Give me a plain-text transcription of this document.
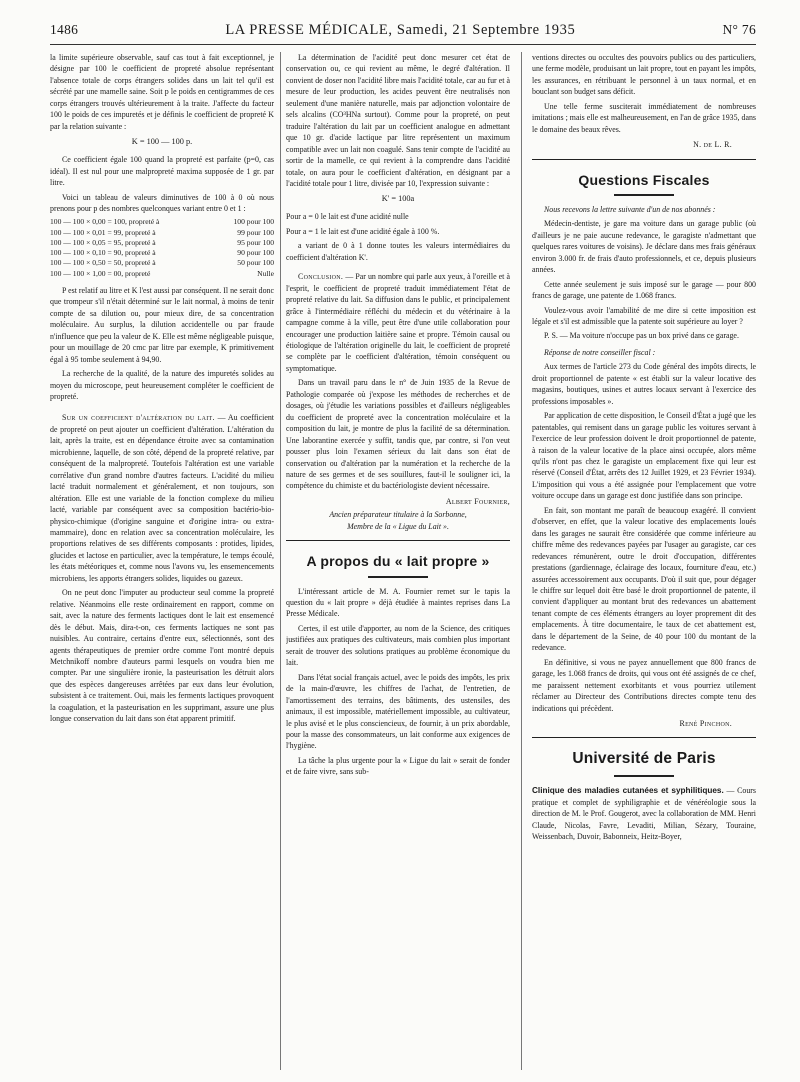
1486	LA PRESSE MÉDICALE, Samedi, 21 Septembre 1935	N° 76

la limite supérieure observable, sauf cas tout à fait exceptionnel, je désigne par 100 le coefficient de propreté absolue représentant l'absence totale de corps étrangers solides dans un lait tel qu'il est sécrété par une mamelle saine. Soit p le poids en centigrammes de ces corps étrangers trouvés ultérieurement à la traite. J'affecte du facteur 100 le poids de ces impuretés et je définis le coefficient de propreté K par la relation suivante :

K = 100 — 100 p.

Ce coefficient égale 100 quand la propreté est parfaite (p=0, cas idéal). Il est nul pour une malpropreté maxima supposée de 1 gr. par litre.

Voici un tableau de valeurs diminutives de 100 à 0 où nous prenons pour p des nombres quelconques variant entre 0 et 1 :

100 — 100 × 0,00 = 100, propreté à	100 pour 100
100 — 100 × 0,01 = 99, propreté à	99 pour 100
100 — 100 × 0,05 = 95, propreté à	95 pour 100
100 — 100 × 0,10 = 90, propreté à	90 pour 100
100 — 100 × 0,50 = 50, propreté à	50 pour 100
100 — 100 × 1,00 = 00, propreté	Nulle

P est relatif au litre et K l'est aussi par conséquent. Il ne serait donc que trompeur s'il n'était déterminé sur le lait normal, à moins de tenir compte de sa dilution ou, pour mieux dire, de sa concentration moléculaire. Au surplus, la dilution accidentelle ou par fraude n'influence que peu la valeur de K. Elle est même négligeable puisque, pour un mouillage de 20 cmc par litre par exemple, K primitivement égal à 95 tombe seulement à 94,90.

La recherche de la qualité, de la nature des impuretés solides au moyen du microscope, peut heureusement compléter le coefficient de propreté.

Sur un coefficient d'altération du lait. — Au coefficient de propreté on peut ajouter un coefficient d'altération. L'altération du lait, après la traite, est en dépendance étroite avec sa contamination microbienne, laquelle, de son côté, dépend de la propreté relative, par conséquent de la malpropreté. Toutefois l'altération est une variable corrélative d'un grand nombre d'autres facteurs. L'acidité du milieu lacté traduit normalement et généralement, et non toujours, son altération. Elle est une variable de la fonction complexe du milieu lacté, variable par conséquent avec sa composition bactério-bio-physico-chimique (d'origine sanguine et d'origine intra- ou extra-mammaire), donc en relation avec sa concentration moléculaire, les proportions relatives de ses différents composants : protides, lipides, glucides et lactose en particulier, avec la température, le temps écoulé, les états météoriques et, comme nous l'avons vu, les ensemencements microbiens, les apports étrangers solides, liquides ou gazeux.

On ne peut donc l'imputer au producteur seul comme la propreté relative. Néanmoins elle reste ordinairement en rapport, comme on sait, avec la nature des ferments lactiques dont le lait est ensemencé dès le début. Mais, dira-t-on, ces ferments lactiques ne sont pas nuisibles. Au contraire, certains d'entre eux, sélectionnés, sont des agents thérapeutiques de premier ordre comme l'ont montré depuis Metchnikoff nombre d'auteurs parmi lesquels on voudra bien me compter. Par une singulière ironie, la pasteurisation les détruit alors que des espèces dangereuses arrêtées par eux dans leur évolution, subsistent à ce traitement. Oui, mais les ferments lactiques provoquent la coagulation, et la pasteurisation en les supprimant, assure une plus longue conservation du lait dans son état apparent primitif.

La détermination de l'acidité peut donc mesurer cet état de conservation ou, ce qui revient au même, le degré d'altération. Il convient de doser non l'acidité libre mais l'acidité totale, car au fur et à mesure de leur production, les acides peuvent être neutralisés non seulement d'une manière naturelle, mais par adjonction volontaire de sels alcalins (CO³HNa surtout). Comme pour la propreté, on peut traduire l'altération du lait par un coefficient analogue en admettant que 10 gr. d'acide lactique par litre représentent un maximum compatible avec un lait non coagulé. Sans tenir compte de l'acidité au sortir de la mamelle, ce qui revient à la comprendre dans l'acidité totale, on aura pour le coefficient d'altération, en désignant par a l'acidité totale pour 1 litre, divisée par 10, l'expression suivante :

K' = 100a

Pour a = 0 le lait est d'une acidité nulle

Pour a = 1 le lait est d'une acidité égale à 100 %.

a variant de 0 à 1 donne toutes les valeurs intermédiaires du coefficient d'altération K'.

Conclusion. — Par un nombre qui parle aux yeux, à l'oreille et à l'esprit, le coefficient de propreté traduit immédiatement l'état de propreté relative du lait. Sa diffusion dans le public, et principalement grâce à l'intermédiaire réfléchi du médecin et du vétérinaire à la campagne comme à la ville, peut être d'une utile collaboration pour encourager une production laitière saine et propre. Témoin causal ou étiologique de l'altération originelle du lait, le coefficient de propreté se complète par le coefficient d'altération, témoin conséquent ou symptomatique.

Dans un travail paru dans le n° de Juin 1935 de la Revue de Pathologie comparée où j'expose les méthodes de recherches et de dosages, où j'étudie les variations possibles et d'ailleurs négligeables du coefficient de propreté avec la concentration moléculaire et la composition du lait, je montre de plus la facilité de sa détermination. Une laborantine exercée y suffit, tandis que, par contre, si l'on veut pousser plus loin l'examen sérieux du lait dans son état de conservation ou d'altération par la numération et la recherche de la nature de ses germes et de ses souillures, faut-il le souligner ici, la compétence du chimiste et du bactériologiste devient nécessaire.

Albert Fournier,

Ancien préparateur titulaire à la Sorbonne,

Membre de la « Ligue du Lait ».

A propos du « lait propre »

L'intéressant article de M. A. Fournier remet sur le tapis la question du « lait propre » déjà étudiée à maintes reprises dans La Presse Médicale.

Certes, il est utile d'apporter, au nom de la Science, des critiques justifiées aux pratiques des cultivateurs, mais combien plus important serait de trouver des solutions pratiques au problème économique du lait.

Dans l'état social français actuel, avec le poids des impôts, les prix de la main-d'œuvre, les chiffres de l'achat, de l'entretien, de l'amortissement des terrains, des bâtiments, des ustensiles, des animaux, il est impossible, matériellement impossible, au cultivateur, le plus avisé et le plus consciencieux, de fournir, à un prix abordable, pour la masse des consommateurs, un lait conforme aux exigences de l'hygiène.

La tâche la plus urgente pour la « Ligue du lait » serait de fonder et de faire vivre, sans sub-

ventions directes ou occultes des pouvoirs publics ou des particuliers, une ferme modèle, produisant un lait propre, tout en payant les impôts, les assurances, en rétribuant le personnel à un taux normal, et en bouclant son budget sans déficit.

Une telle ferme susciterait immédiatement de nombreuses imitations ; mais elle est malheureusement, en l'an de grâce 1935, dans le domaine des beaux rêves.

N. de L. R.

Questions Fiscales

Nous recevons la lettre suivante d'un de nos abonnés :

Médecin-dentiste, je gare ma voiture dans un garage public (où d'ailleurs je ne paie aucune redevance, le garagiste n'admettant que quelques rares voitures de voisins). Je déclare dans mes frais généraux environ 3.000 fr. de frais d'auto professionnels, et ce, depuis plusieurs années.

Cette année seulement je suis imposé sur le garage — pour 800 francs de garage, une patente de 1.068 francs.

Voulez-vous avoir l'amabilité de me dire si cette imposition est légale et s'il est admissible que la patente soit supérieure au loyer ?

P. S. — Ma voiture n'occupe pas un box privé dans ce garage.

Réponse de notre conseiller fiscal :

Aux termes de l'article 273 du Code général des impôts directs, le droit proportionnel de patente « est établi sur la valeur locative des magasins, boutiques, usines et autres locaux servant à l'exercice des professions imposables ».

Par application de cette disposition, le Conseil d'État a jugé que les patentables, qui remisent dans un garage public les voitures servant à l'exercice de leur profession doivent le droit proportionnel de patente, à raison de la valeur locative de la place ainsi occupée, alors même qu'ils n'ont pas chez le garagiste un emplacement fixe qui leur est réservé (Conseil d'État, arrêts des 12 Juillet 1929, et 23 Février 1934). L'imposition qui vous a été assignée pour l'emplacement que votre voiture occupe dans un garage est donc justifiée dans son principe.

En fait, son montant me paraît de beaucoup exagéré. Il convient d'observer, en effet, que la valeur locative des emplacements loués dans les garages ne saurait être considérée que comme inférieure au chiffre même des redevances payées par l'usager au garagiste, car ces redevances rémunèrent, outre le droit d'occupation, différentes prestations (gardiennage, éclairage des locaux, fourniture d'eau, etc.) assurées accessoirement aux occupants. D'où il suit que, pour dégager le chiffre sur lequel doit être basé le droit proportionnel de patente, il convient d'appliquer au montant brut des redevances un abattement tenant compte de ces éléments étrangers au loyer proprement dit des emplacements. À titre documentaire, le taux de cet abattement est, dans le département de la Seine, de 40 pour 100 du montant de la redevance.

En définitive, si vous ne payez annuellement que 800 francs de garage, les 1.068 francs de droits, qui vous ont été assignés de ce chef, me paraissent nettement exorbitants et vous pourriez utilement réclamer au Directeur des Contributions directes compte tenu des indications qui précèdent.

René Pinchon.

Université de Paris

Clinique des maladies cutanées et syphilitiques. — Cours pratique et complet de syphiligraphie et de vénéréologie sous la direction de M. le Prof. Gougerot, avec la collaboration de MM. Henri Claude, Nicolas, Favre, Levaditi, Milian, Sézary, Touraine, Weissenbach, Duvoir, Babonneix, Heitz-Boyer,
